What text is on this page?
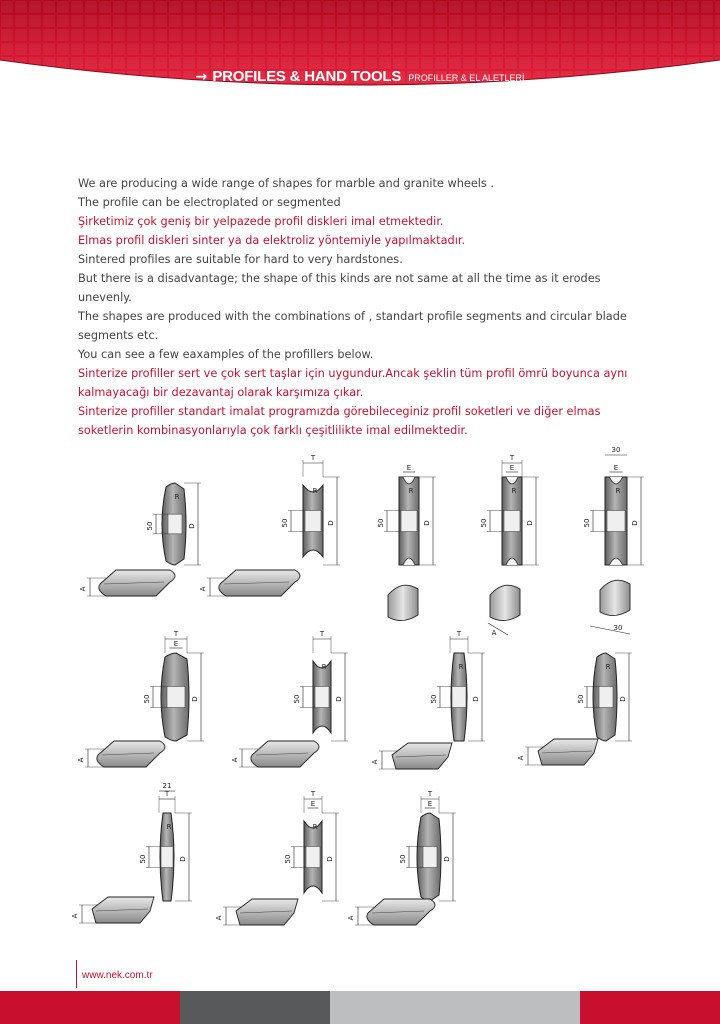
→ PROFILES & HAND TOOLS PROFILLER & EL ALETLERİ

We are producing a wide range of shapes for marble and granite wheels .

The profile can be electroplated or segmented

Şirketimiz çok geniş bir yelpazede profil diskleri imal etmektedir.

Elmas profil diskleri sinter ya da elektroliz yöntemiyle yapılmaktadır.

Sintered profiles are suitable for hard to very hardstones.

But there is a disadvantage; the shape of this kinds are not same at all the time as it erodes unevenly.

The shapes are produced with the combinations of , standart profile segments and circular blade segments etc.

You can see a few eaxamples of the profillers below.

Sinterize profiller sert ve çok sert taşlar için uygundur.Ancak şeklin tüm profil ömrü boyunca aynı kalmayacağı bir dezavantaj olarak karşımıza çıkar.

Sinterize profiller standart imalat programızda görebileceginiz profil soketleri ve diğer elmas soketlerin kombinasyonlarıyla çok farklı çeşitlilikte imal edilmektedir.

D
50
R
A
D
50
T
R
A
D
50
E
R
D
50
T
E
R
A
D
50
E
R
30
30
D
50
T
E
A
D
50
T
R
A
D
50
T
R
A
D
50
R
A
D
50
T
R
21
A
D
50
T
E
R
A
D
50
T
E
A
www.nek.com.tr
